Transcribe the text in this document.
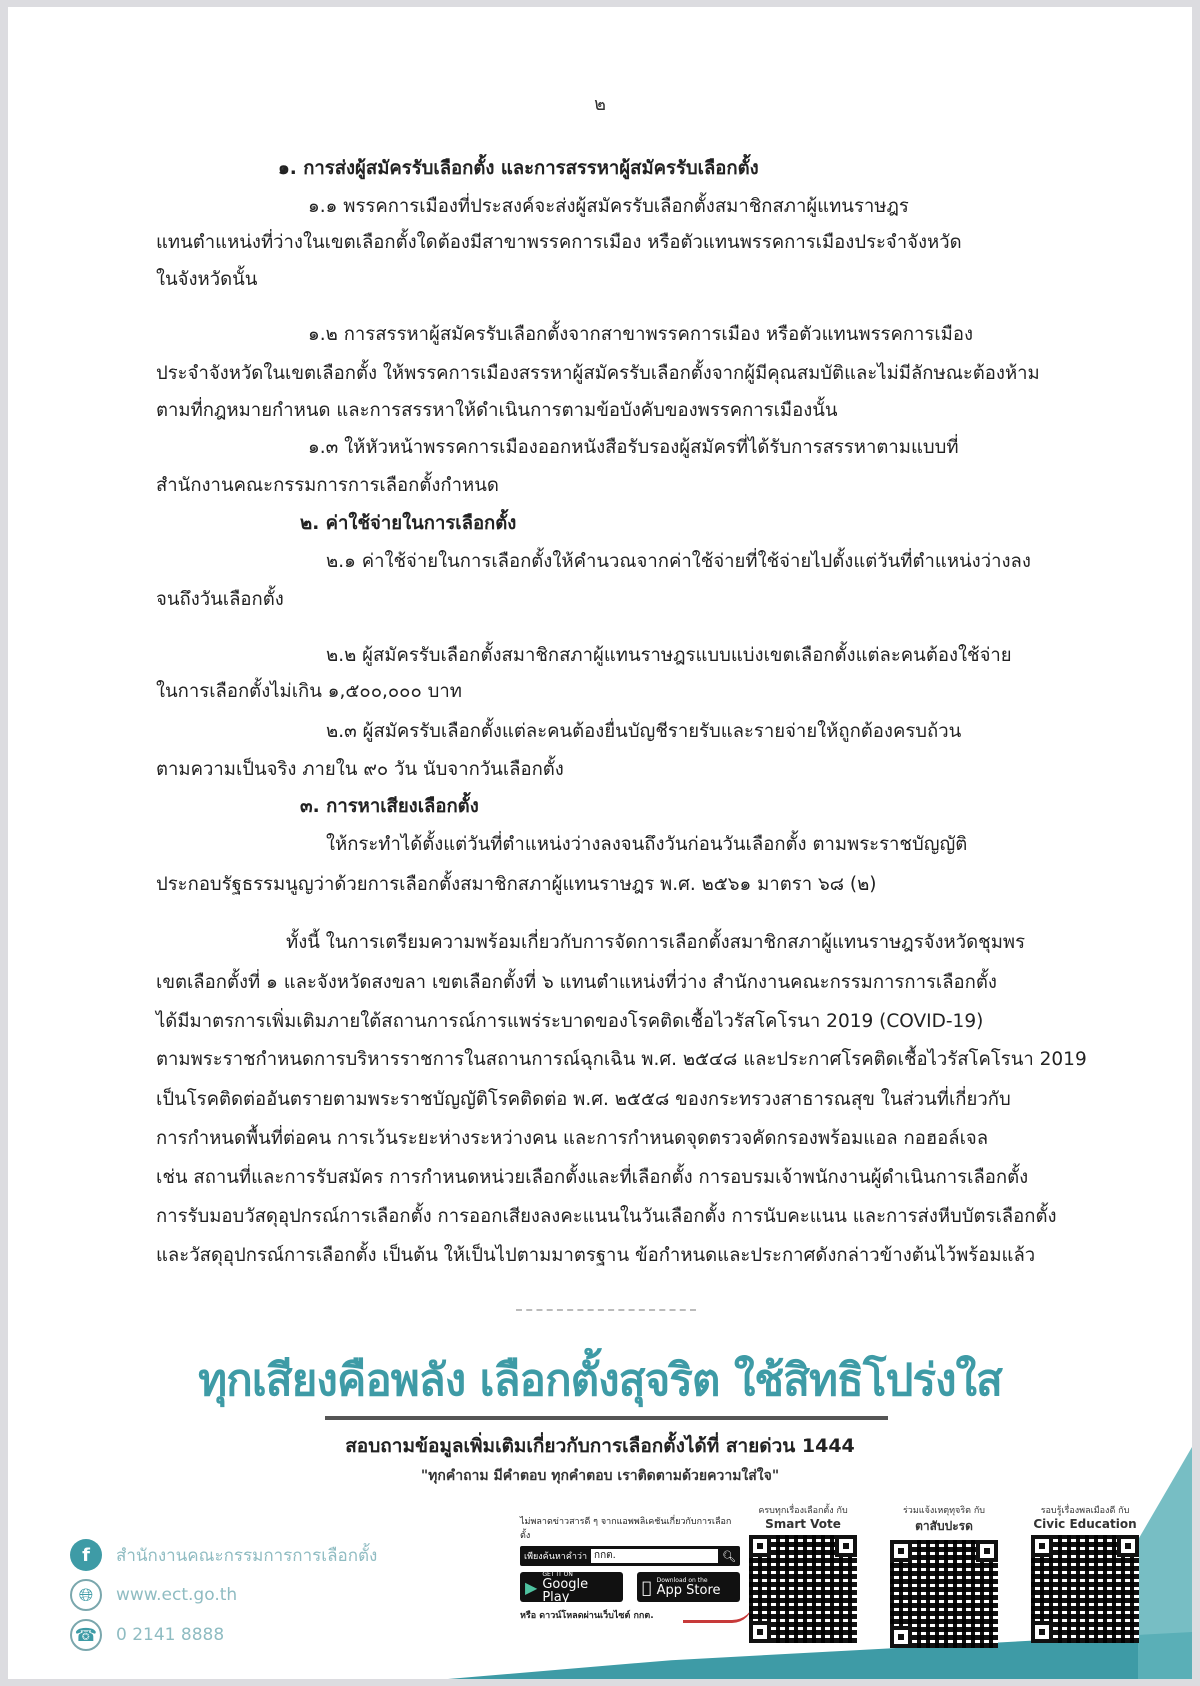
๒
๑. การส่งผู้สมัครรับเลือกตั้ง และการสรรหาผู้สมัครรับเลือกตั้ง
๑.๑ พรรคการเมืองที่ประสงค์จะส่งผู้สมัครรับเลือกตั้งสมาชิกสภาผู้แทนราษฎร
แทนตำแหน่งที่ว่างในเขตเลือกตั้งใดต้องมีสาขาพรรคการเมือง หรือตัวแทนพรรคการเมืองประจำจังหวัด
ในจังหวัดนั้น
๑.๒ การสรรหาผู้สมัครรับเลือกตั้งจากสาขาพรรคการเมือง หรือตัวแทนพรรคการเมือง
ประจำจังหวัดในเขตเลือกตั้ง ให้พรรคการเมืองสรรหาผู้สมัครรับเลือกตั้งจากผู้มีคุณสมบัติและไม่มีลักษณะต้องห้าม
ตามที่กฎหมายกำหนด และการสรรหาให้ดำเนินการตามข้อบังคับของพรรคการเมืองนั้น
๑.๓ ให้หัวหน้าพรรคการเมืองออกหนังสือรับรองผู้สมัครที่ได้รับการสรรหาตามแบบที่
สำนักงานคณะกรรมการการเลือกตั้งกำหนด
๒. ค่าใช้จ่ายในการเลือกตั้ง
๒.๑ ค่าใช้จ่ายในการเลือกตั้งให้คำนวณจากค่าใช้จ่ายที่ใช้จ่ายไปตั้งแต่วันที่ตำแหน่งว่างลง
จนถึงวันเลือกตั้ง
๒.๒ ผู้สมัครรับเลือกตั้งสมาชิกสภาผู้แทนราษฎรแบบแบ่งเขตเลือกตั้งแต่ละคนต้องใช้จ่าย
ในการเลือกตั้งไม่เกิน ๑,๕๐๐,๐๐๐ บาท
๒.๓ ผู้สมัครรับเลือกตั้งแต่ละคนต้องยื่นบัญชีรายรับและรายจ่ายให้ถูกต้องครบถ้วน
ตามความเป็นจริง ภายใน ๙๐ วัน นับจากวันเลือกตั้ง
๓. การหาเสียงเลือกตั้ง
ให้กระทำได้ตั้งแต่วันที่ตำแหน่งว่างลงจนถึงวันก่อนวันเลือกตั้ง ตามพระราชบัญญัติ
ประกอบรัฐธรรมนูญว่าด้วยการเลือกตั้งสมาชิกสภาผู้แทนราษฎร พ.ศ. ๒๕๖๑ มาตรา ๖๘ (๒)
ทั้งนี้ ในการเตรียมความพร้อมเกี่ยวกับการจัดการเลือกตั้งสมาชิกสภาผู้แทนราษฎรจังหวัดชุมพร
เขตเลือกตั้งที่ ๑ และจังหวัดสงขลา เขตเลือกตั้งที่ ๖ แทนตำแหน่งที่ว่าง สำนักงานคณะกรรมการการเลือกตั้ง
ได้มีมาตรการเพิ่มเติมภายใต้สถานการณ์การแพร่ระบาดของโรคติดเชื้อไวรัสโคโรนา 2019 (COVID-19)
ตามพระราชกำหนดการบริหารราชการในสถานการณ์ฉุกเฉิน พ.ศ. ๒๕๔๘ และประกาศโรคติดเชื้อไวรัสโคโรนา 2019
เป็นโรคติดต่ออันตรายตามพระราชบัญญัติโรคติดต่อ พ.ศ. ๒๕๕๘ ของกระทรวงสาธารณสุข ในส่วนที่เกี่ยวกับ
การกำหนดพื้นที่ต่อคน การเว้นระยะห่างระหว่างคน และการกำหนดจุดตรวจคัดกรองพร้อมแอล กอฮอล์เจล
เช่น สถานที่และการรับสมัคร การกำหนดหน่วยเลือกตั้งและที่เลือกตั้ง การอบรมเจ้าพนักงานผู้ดำเนินการเลือกตั้ง
การรับมอบวัสดุอุปกรณ์การเลือกตั้ง การออกเสียงลงคะแนนในวันเลือกตั้ง การนับคะแนน และการส่งหีบบัตรเลือกตั้ง
และวัสดุอุปกรณ์การเลือกตั้ง เป็นต้น ให้เป็นไปตามมาตรฐาน ข้อกำหนดและประกาศดังกล่าวข้างต้นไว้พร้อมแล้ว
ทุกเสียงคือพลัง เลือกตั้งสุจริต ใช้สิทธิโปร่งใส
สอบถามข้อมูลเพิ่มเติมเกี่ยวกับการเลือกตั้งได้ที่ สายด่วน 1444
"ทุกคำถาม มีคำตอบ ทุกคำตอบ เราติดตามด้วยความใส่ใจ"
f	สำนักงานคณะกรรมการการเลือกตั้ง
🌐︎	www.ect.go.th
☎ 0 2141 8888
ไม่พลาดข่าวสารดี ๆ จากแอพพลิเคชันเกี่ยวกับการเลือกตั้ง
เพียงค้นหาคำว่า กกต.	🔍︎
▶
GET IT ON
Google Play
Download on the
App Store
หรือ ดาวน์โหลดผ่านเว็บไซต์ กกต.
ครบทุกเรื่องเลือกตั้ง กับ
Smart Vote
ร่วมแจ้งเหตุทุจริต กับ
ตาสับปะรด
รอบรู้เรื่องพลเมืองดี กับ
Civic Education
